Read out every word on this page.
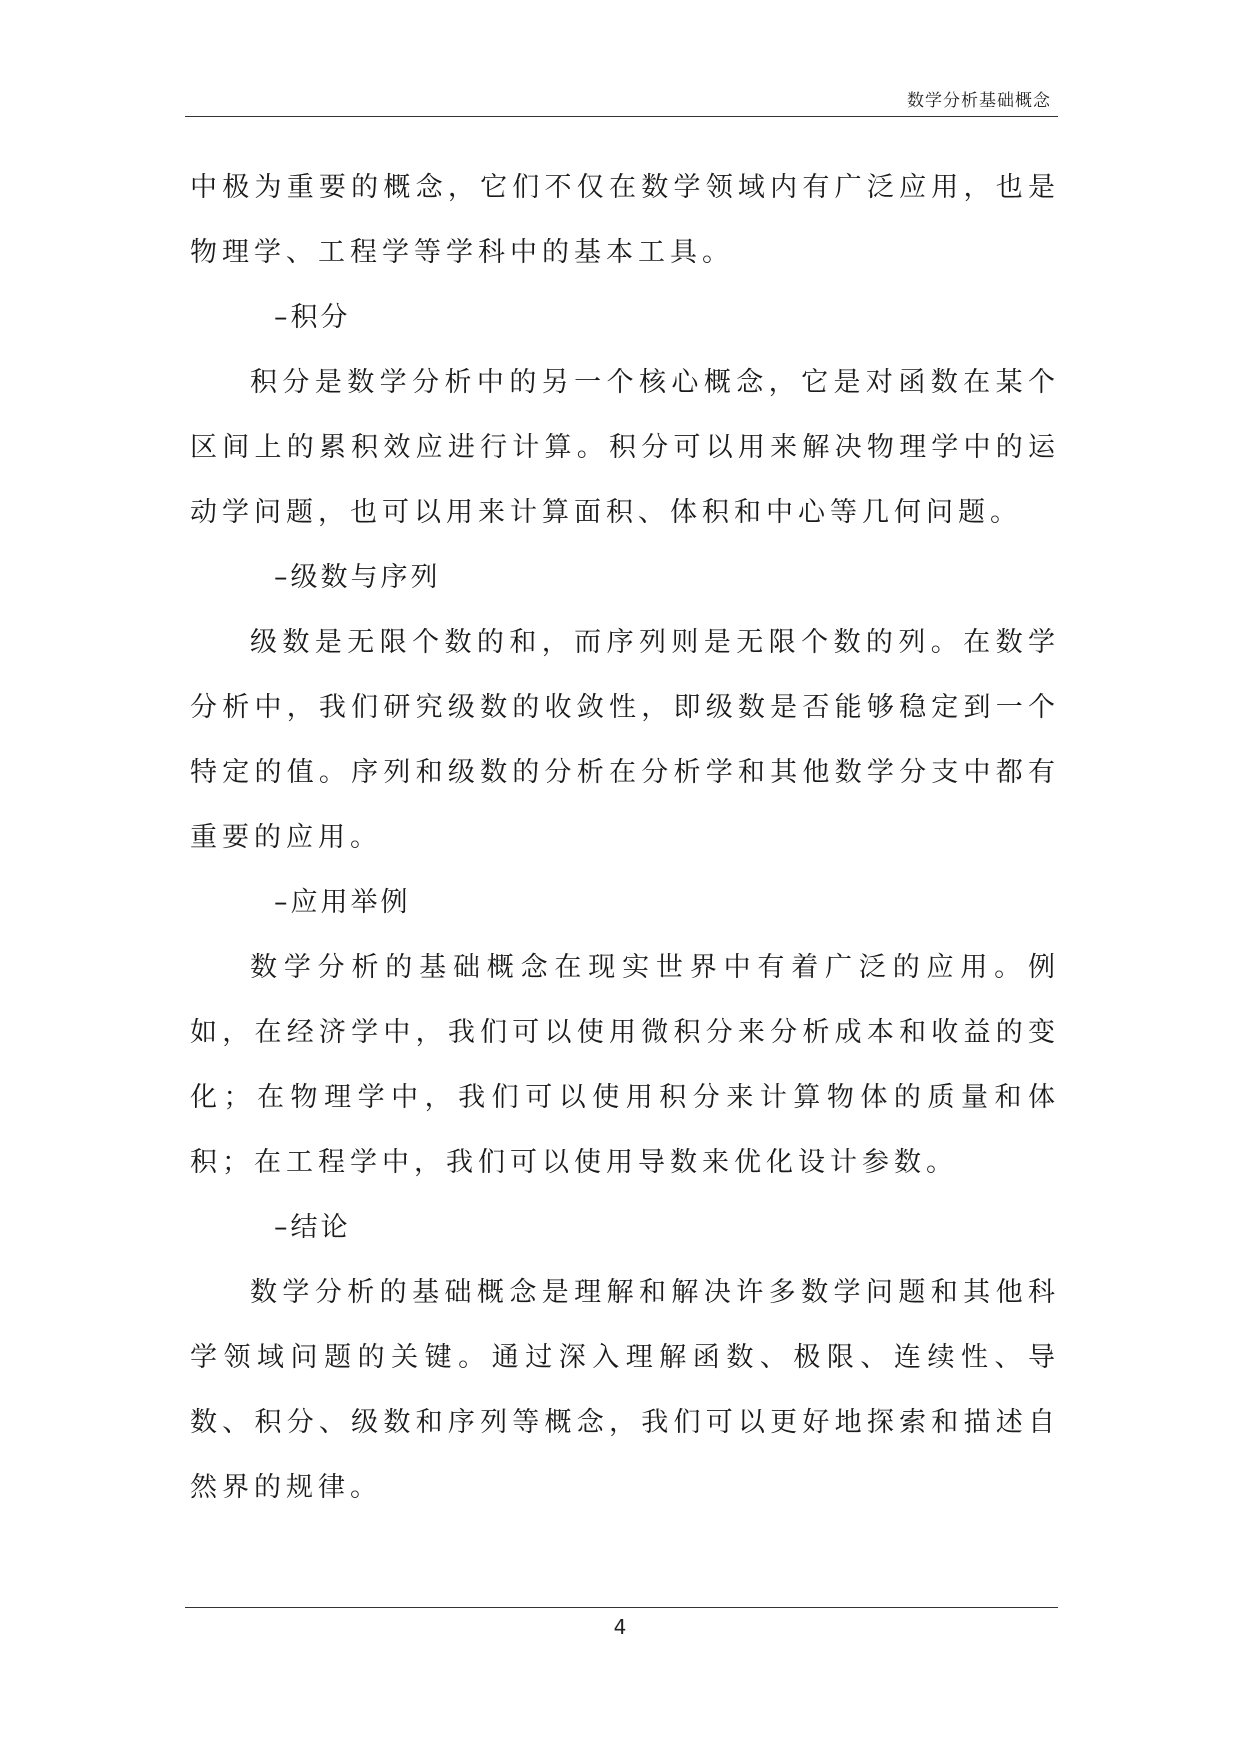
数学分析基础概念

中极为重要的概念，它们不仅在数学领域内有广泛应用，也是物理学、工程学等学科中的基本工具。

–积分

积分是数学分析中的另一个核心概念，它是对函数在某个区间上的累积效应进行计算。积分可以用来解决物理学中的运动学问题，也可以用来计算面积、体积和中心等几何问题。

–级数与序列

级数是无限个数的和，而序列则是无限个数的列。在数学分析中，我们研究级数的收敛性，即级数是否能够稳定到一个特定的值。序列和级数的分析在分析学和其他数学分支中都有重要的应用。

–应用举例

数学分析的基础概念在现实世界中有着广泛的应用。例如，在经济学中，我们可以使用微积分来分析成本和收益的变化；在物理学中，我们可以使用积分来计算物体的质量和体积；在工程学中，我们可以使用导数来优化设计参数。

–结论

数学分析的基础概念是理解和解决许多数学问题和其他科学领域问题的关键。通过深入理解函数、极限、连续性、导数、积分、级数和序列等概念，我们可以更好地探索和描述自然界的规律。

4
